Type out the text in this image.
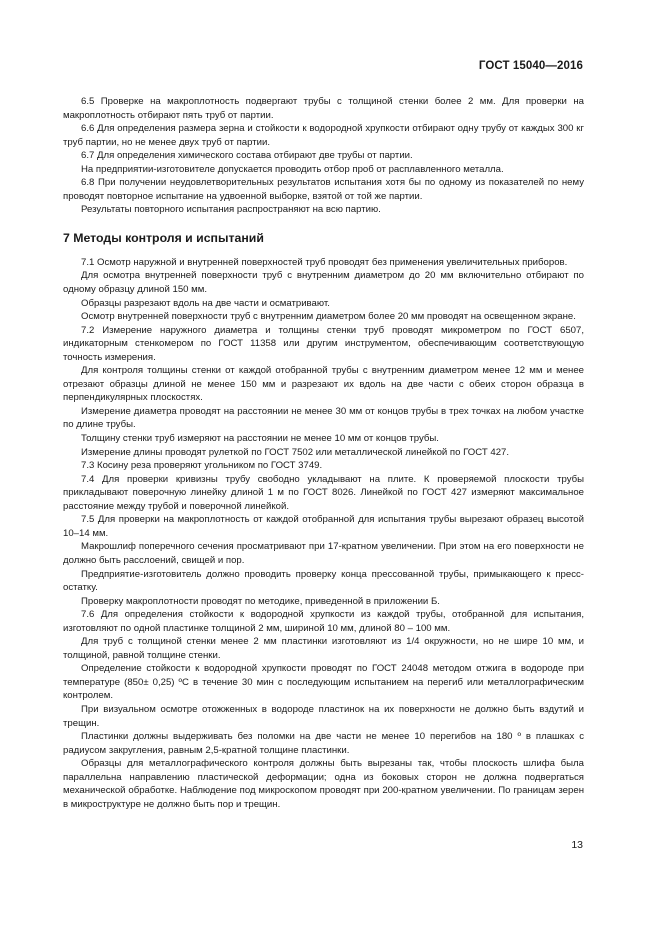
ГОСТ 15040—2016

6.5 Проверке на макроплотность подвергают трубы с толщиной стенки более 2 мм. Для проверки на макроплотность отбирают пять труб от партии.

6.6 Для определения размера зерна и стойкости к водородной хрупкости отбирают одну трубу от каждых 300 кг труб партии, но не менее двух труб от партии.

6.7 Для определения химического состава отбирают две трубы от партии.

На предприятии-изготовителе допускается проводить отбор проб от расплавленного металла.

6.8 При получении неудовлетворительных результатов испытания хотя бы по одному из показателей по нему проводят повторное испытание на удвоенной выборке, взятой от той же партии.

Результаты повторного испытания распространяют на всю партию.

7 Методы контроля и испытаний

7.1 Осмотр наружной и внутренней поверхностей труб проводят без применения увеличительных приборов.

Для осмотра внутренней поверхности труб с внутренним диаметром до 20 мм включительно отбирают по одному образцу длиной 150 мм.

Образцы разрезают вдоль на две части и осматривают.

Осмотр внутренней поверхности труб с внутренним диаметром более 20 мм проводят на освещенном экране.

7.2 Измерение наружного диаметра и толщины стенки труб проводят микрометром по ГОСТ 6507, индикаторным стенкомером по ГОСТ 11358 или другим инструментом, обеспечивающим соответствующую точность измерения.

Для контроля толщины стенки от каждой отобранной трубы с внутренним диаметром менее 12 мм и менее отрезают образцы длиной не менее 150 мм и разрезают их вдоль на две части с обеих сторон образца в перпендикулярных плоскостях.

Измерение диаметра проводят на расстоянии не менее 30 мм от концов трубы в трех точках на любом участке по длине трубы.

Толщину стенки труб измеряют на расстоянии не менее 10 мм от концов трубы.

Измерение длины проводят рулеткой по ГОСТ 7502 или металлической линейкой по ГОСТ 427.

7.3 Косину реза проверяют угольником по ГОСТ 3749.

7.4 Для проверки кривизны трубу свободно укладывают на плите. К проверяемой плоскости трубы прикладывают поверочную линейку длиной 1 м по ГОСТ 8026. Линейкой по ГОСТ 427 измеряют максимальное расстояние между трубой и поверочной линейкой.

7.5 Для проверки на макроплотность от каждой отобранной для испытания трубы вырезают образец высотой 10–14 мм.

Макрошлиф поперечного сечения просматривают при 17-кратном увеличении. При этом на его поверхности не должно быть расслоений, свищей и пор.

Предприятие-изготовитель должно проводить проверку конца прессованной трубы, примыкающего к пресс-остатку.

Проверку макроплотности проводят по методике, приведенной в приложении Б.

7.6 Для определения стойкости к водородной хрупкости из каждой трубы, отобранной для испытания, изготовляют по одной пластинке толщиной 2 мм, шириной 10 мм, длиной 80 – 100 мм.

Для труб с толщиной стенки менее 2 мм пластинки изготовляют из 1/4 окружности, но не шире 10 мм, и толщиной, равной толщине стенки.

Определение стойкости к водородной хрупкости проводят по ГОСТ 24048 методом отжига в водороде при температуре (850± 0,25) ºС в течение 30 мин с последующим испытанием на перегиб или металлографическим контролем.

При визуальном осмотре отожженных в водороде пластинок на их поверхности не должно быть вздутий и трещин.

Пластинки должны выдерживать без поломки на две части не менее 10 перегибов на 180 º в плашках с радиусом закругления, равным 2,5-кратной толщине пластинки.

Образцы для металлографического контроля должны быть вырезаны так, чтобы плоскость шлифа была параллельна направлению пластической деформации; одна из боковых сторон не должна подвергаться механической обработке. Наблюдение под микроскопом проводят при 200-кратном увеличении. По границам зерен в микроструктуре не должно быть пор и трещин.

13
